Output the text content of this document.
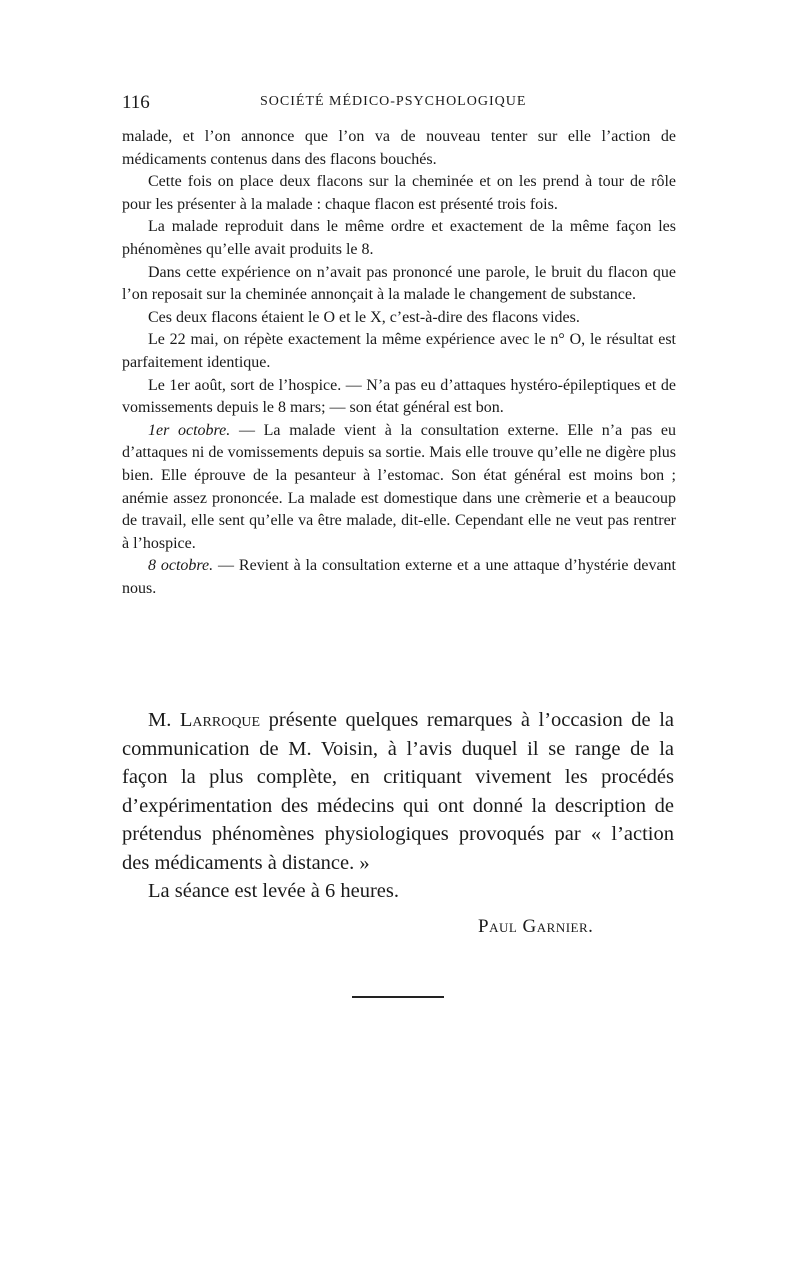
116	SOCIÉTÉ MÉDICO-PSYCHOLOGIQUE

malade, et l’on annonce que l’on va de nouveau tenter sur elle l’action de médicaments contenus dans des flacons bouchés.

Cette fois on place deux flacons sur la cheminée et on les prend à tour de rôle pour les présenter à la malade : chaque flacon est présenté trois fois.

La malade reproduit dans le même ordre et exactement de la même façon les phénomènes qu’elle avait produits le 8.

Dans cette expérience on n’avait pas prononcé une parole, le bruit du flacon que l’on reposait sur la cheminée annonçait à la malade le changement de substance.

Ces deux flacons étaient le O et le X, c’est-à-dire des flacons vides.

Le 22 mai, on répète exactement la même expérience avec le n° O, le résultat est parfaitement identique.

Le 1er août, sort de l’hospice. — N’a pas eu d’attaques hystéro-épileptiques et de vomissements depuis le 8 mars; — son état général est bon.

1er octobre. — La malade vient à la consultation externe. Elle n’a pas eu d’attaques ni de vomissements depuis sa sortie. Mais elle trouve qu’elle ne digère plus bien. Elle éprouve de la pesanteur à l’estomac. Son état général est moins bon ; anémie assez prononcée. La malade est domestique dans une crèmerie et a beaucoup de travail, elle sent qu’elle va être malade, dit-elle. Cependant elle ne veut pas rentrer à l’hospice.

8 octobre. — Revient à la consultation externe et a une attaque d’hystérie devant nous.

M. Larroque présente quelques remarques à l’occasion de la communication de M. Voisin, à l’avis duquel il se range de la façon la plus complète, en critiquant vivement les procédés d’expérimentation des médecins qui ont donné la description de prétendus phénomènes physiologiques provoqués par « l’action des médicaments à distance. »

La séance est levée à 6 heures.

Paul Garnier.
